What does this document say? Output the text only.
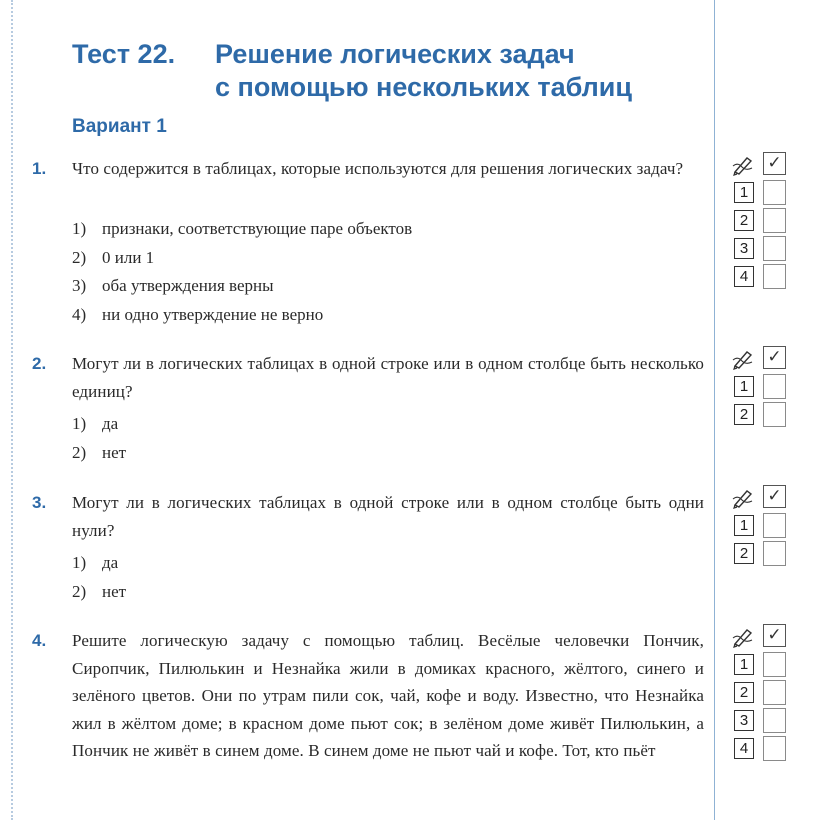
Тест 22. Решение логических задач
с помощью нескольких таблиц
Вариант 1
1. Что содержится в таблицах, которые используются для решения логических задач?
1) признаки, соответствующие паре объектов
2) 0 или 1
3) оба утверждения верны
4) ни одно утверждение не верно
✓
1
2
3
4
2. Могут ли в логических таблицах в одной строке или в одном столбце быть несколько единиц?
1) да
2) нет
✓
1
2
3. Могут ли в логических таблицах в одной строке или в одном столбце быть одни нули?
1) да
2) нет
✓
1
2
4. Решите логическую задачу с помощью таблиц. Весёлые человечки Пончик, Сиропчик, Пилюлькин и Незнайка жили в домиках красного, жёлтого, синего и зелёного цветов. Они по утрам пили сок, чай, кофе и воду. Известно, что Незнайка жил в жёлтом доме; в красном доме пьют сок; в зелёном доме живёт Пилюлькин, а Пончик не живёт в синем доме. В синем доме не пьют чай и кофе. Тот, кто пьёт
✓
1
2
3
4
